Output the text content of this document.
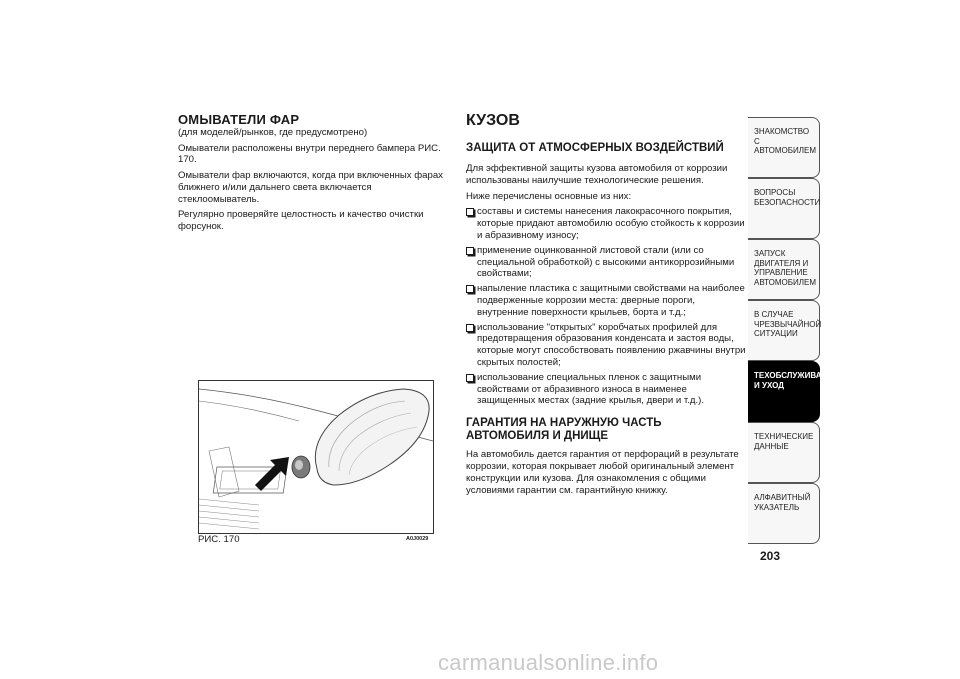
ОМЫВАТЕЛИ ФАР

(для моделей/рынков, где предусмотрено)

Омыватели расположены внутри переднего бампера РИС. 170.

Омыватели фар включаются, когда при включенных фарах ближнего и/или дальнего света включается стеклоомыватель.

Регулярно проверяйте целостность и качество очистки форсунок.

РИС. 170	A0J0029
КУЗОВ
ЗАЩИТА ОТ АТМОСФЕРНЫХ ВОЗДЕЙСТВИЙ

Для эффективной защиты кузова автомобиля от коррозии использованы наилучшие технологические решения.

Ниже перечислены основные из них:

составы и системы нанесения лакокрасочного покрытия, которые придают автомобилю особую стойкость к коррозии и абразивному износу;
применение оцинкованной листовой стали (или со специальной обработкой) с высокими антикоррозийными свойствами;
напыление пластика с защитными свойствами на наиболее подверженные коррозии места: дверные пороги, внутренние поверхности крыльев, борта и т.д.;
использование "открытых" коробчатых профилей для предотвращения образования конденсата и застоя воды, которые могут способствовать появлению ржавчины внутри скрытых полостей;
использование специальных пленок с защитными свойствами от абразивного износа в наименее защищенных местах (задние крылья, двери и т.д.).
ГАРАНТИЯ НА НАРУЖНУЮ ЧАСТЬ
АВТОМОБИЛЯ И ДНИЩЕ

На автомобиль дается гарантия от перфораций в результате коррозии, которая покрывает любой оригинальный элемент конструкции или кузова. Для ознакомления с общими условиями гарантии см. гарантийную книжку.

ЗНАКОМСТВО С АВТОМОБИЛЕМ
ВОПРОСЫ БЕЗОПАСНОСТИ
ЗАПУСК ДВИГАТЕЛЯ И УПРАВЛЕНИЕ АВТОМОБИЛЕМ
В СЛУЧАЕ ЧРЕЗВЫЧАЙНОЙ СИТУАЦИИ
ТЕХОБСЛУЖИВАНИЕ И УХОД
ТЕХНИЧЕСКИЕ ДАННЫЕ
АЛФАВИТНЫЙ УКАЗАТЕЛЬ
203
carmanualsonline.info
